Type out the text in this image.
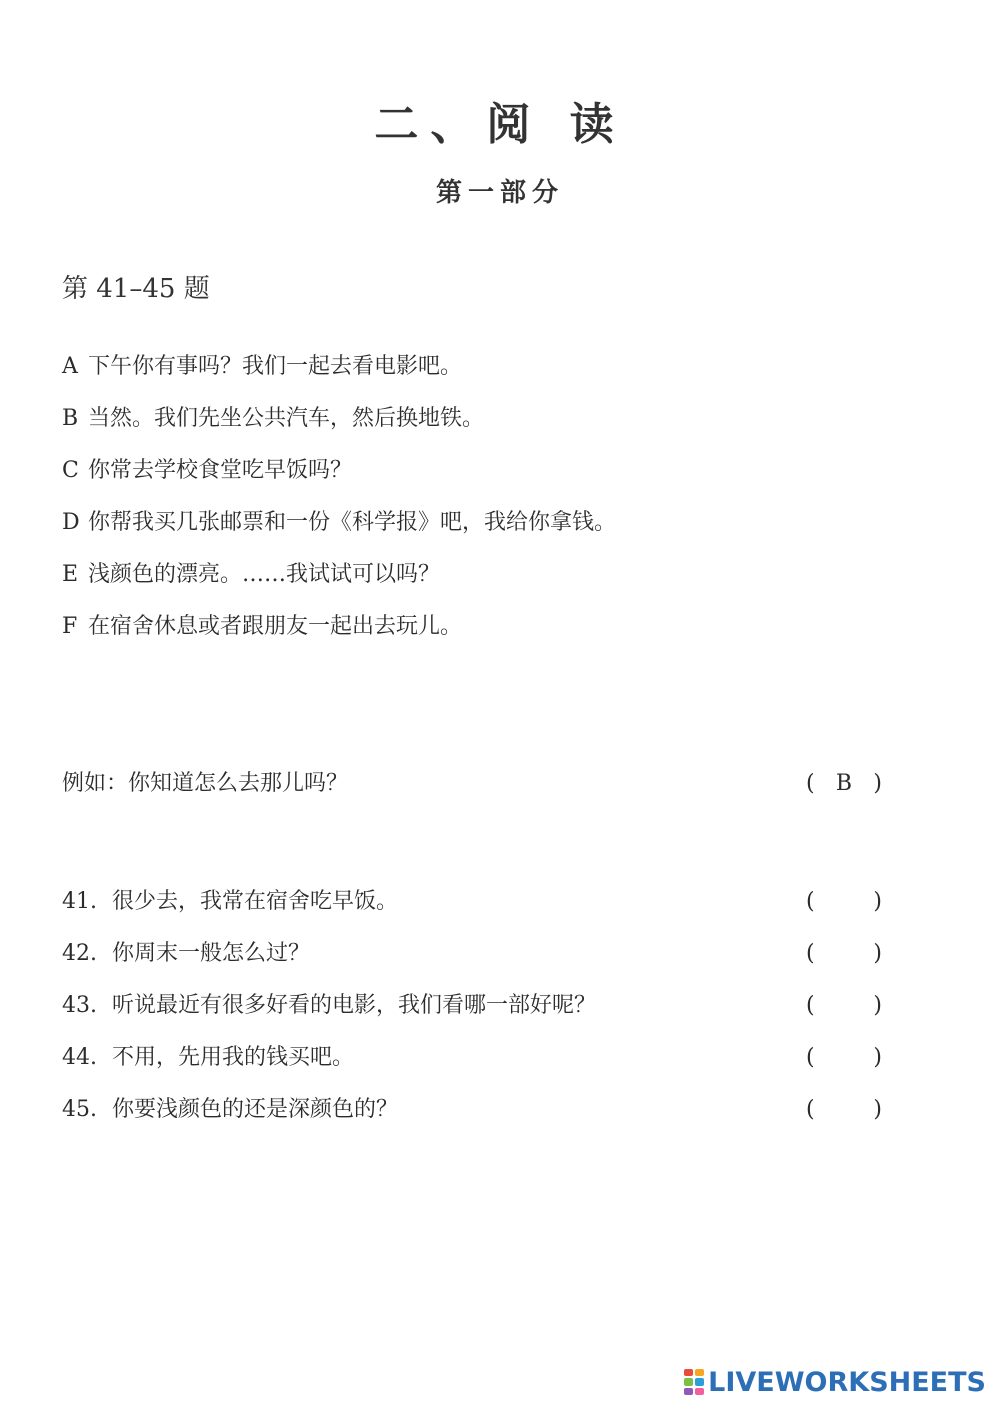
二、阅 读
第一部分
第 41–45 题
A 下午你有事吗？我们一起去看电影吧。
B 当然。我们先坐公共汽车，然后换地铁。
C 你常去学校食堂吃早饭吗？
D 你帮我买几张邮票和一份《科学报》吧，我给你拿钱。
E 浅颜色的漂亮。……我试试可以吗？
F 在宿舍休息或者跟朋友一起出去玩儿。
例如：你知道怎么去那儿吗？	( B )
41. 很少去，我常在宿舍吃早饭。	(	)
42. 你周末一般怎么过？	(	)
43. 听说最近有很多好看的电影，我们看哪一部好呢？	(	)
44. 不用，先用我的钱买吧。	(	)
45. 你要浅颜色的还是深颜色的？	(	)
LIVEWORKSHEETS
